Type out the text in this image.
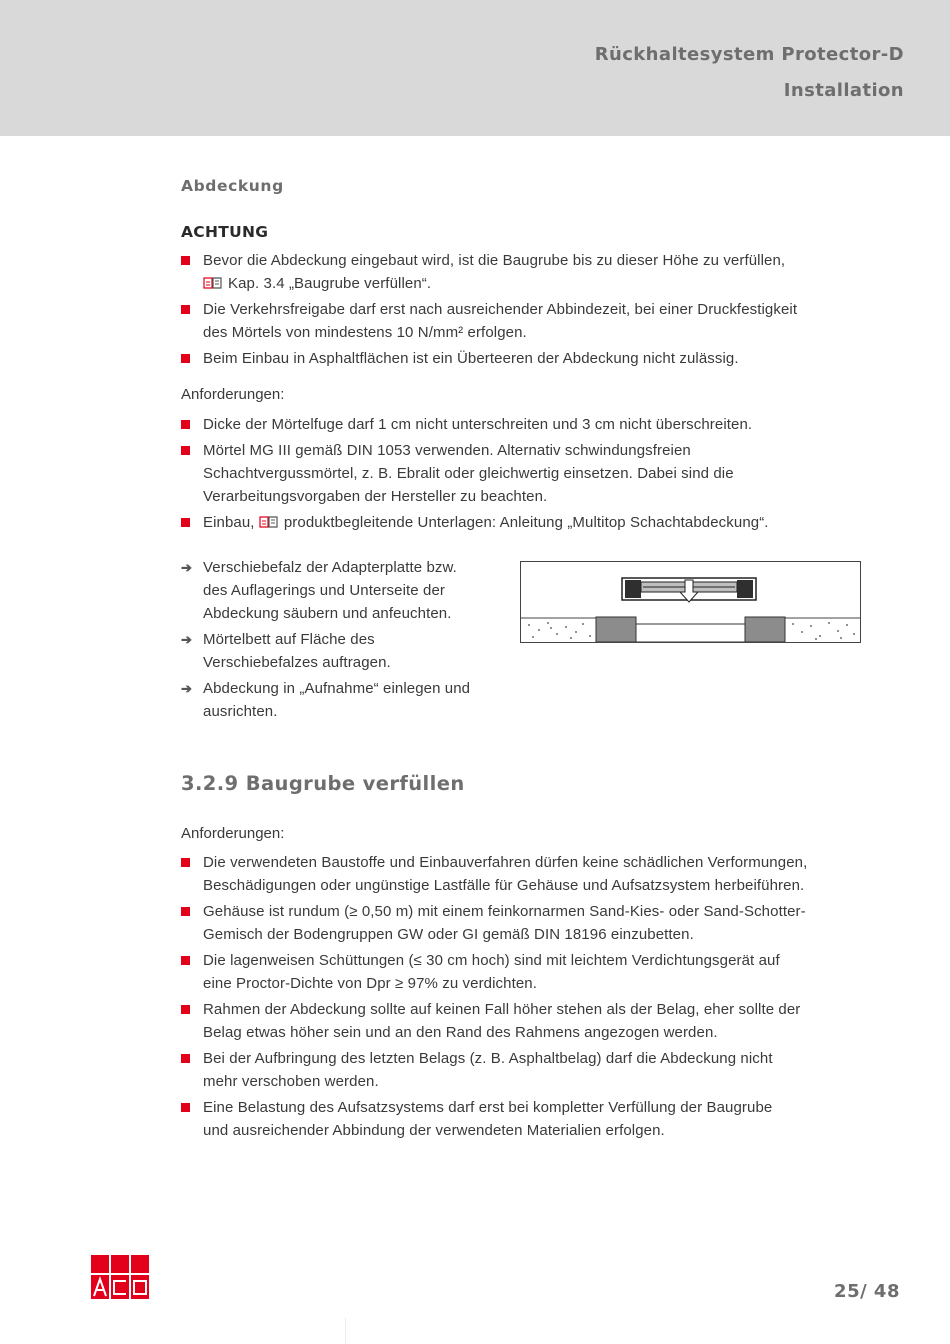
Rückhaltesystem Protector-D
Installation
Abdeckung
ACHTUNG
Bevor die Abdeckung eingebaut wird, ist die Baugrube bis zu dieser Höhe zu verfüllen,
Kap. 3.4 „Baugrube verfüllen“.
Die Verkehrsfreigabe darf erst nach ausreichender Abbindezeit, bei einer Druckfestigkeit
des Mörtels von mindestens 10 N/mm² erfolgen.
Beim Einbau in Asphaltflächen ist ein Überteeren der Abdeckung nicht zulässig.
Anforderungen:
Dicke der Mörtelfuge darf 1 cm nicht unterschreiten und 3 cm nicht überschreiten.
Mörtel MG III gemäß DIN 1053 verwenden. Alternativ schwindungsfreien
Schachtvergussmörtel, z. B. Ebralit oder gleichwertig einsetzen. Dabei sind die
Verarbeitungsvorgaben der Hersteller zu beachten.
Einbau, produktbegleitende Unterlagen: Anleitung „Multitop Schachtabdeckung“.
➔ Verschiebefalz der Adapterplatte bzw.
des Auflagerings und Unterseite der
Abdeckung säubern und anfeuchten.
➔ Mörtelbett auf Fläche des
Verschiebefalzes auftragen.
➔ Abdeckung in „Aufnahme“ einlegen und
ausrichten.
3.2.9 Baugrube verfüllen
Anforderungen:
Die verwendeten Baustoffe und Einbauverfahren dürfen keine schädlichen Verformungen,
Beschädigungen oder ungünstige Lastfälle für Gehäuse und Aufsatzsystem herbeiführen.
Gehäuse ist rundum (≥ 0,50 m) mit einem feinkornarmen Sand-Kies- oder Sand-Schotter-
Gemisch der Bodengruppen GW oder GI gemäß DIN 18196 einzubetten.
Die lagenweisen Schüttungen (≤ 30 cm hoch) sind mit leichtem Verdichtungsgerät auf
eine Proctor-Dichte von Dpr ≥ 97% zu verdichten.
Rahmen der Abdeckung sollte auf keinen Fall höher stehen als der Belag, eher sollte der
Belag etwas höher sein und an den Rand des Rahmens angezogen werden.
Bei der Aufbringung des letzten Belags (z. B. Asphaltbelag) darf die Abdeckung nicht
mehr verschoben werden.
Eine Belastung des Aufsatzsystems darf erst bei kompletter Verfüllung der Baugrube
und ausreichender Abbindung der verwendeten Materialien erfolgen.
25/ 48
